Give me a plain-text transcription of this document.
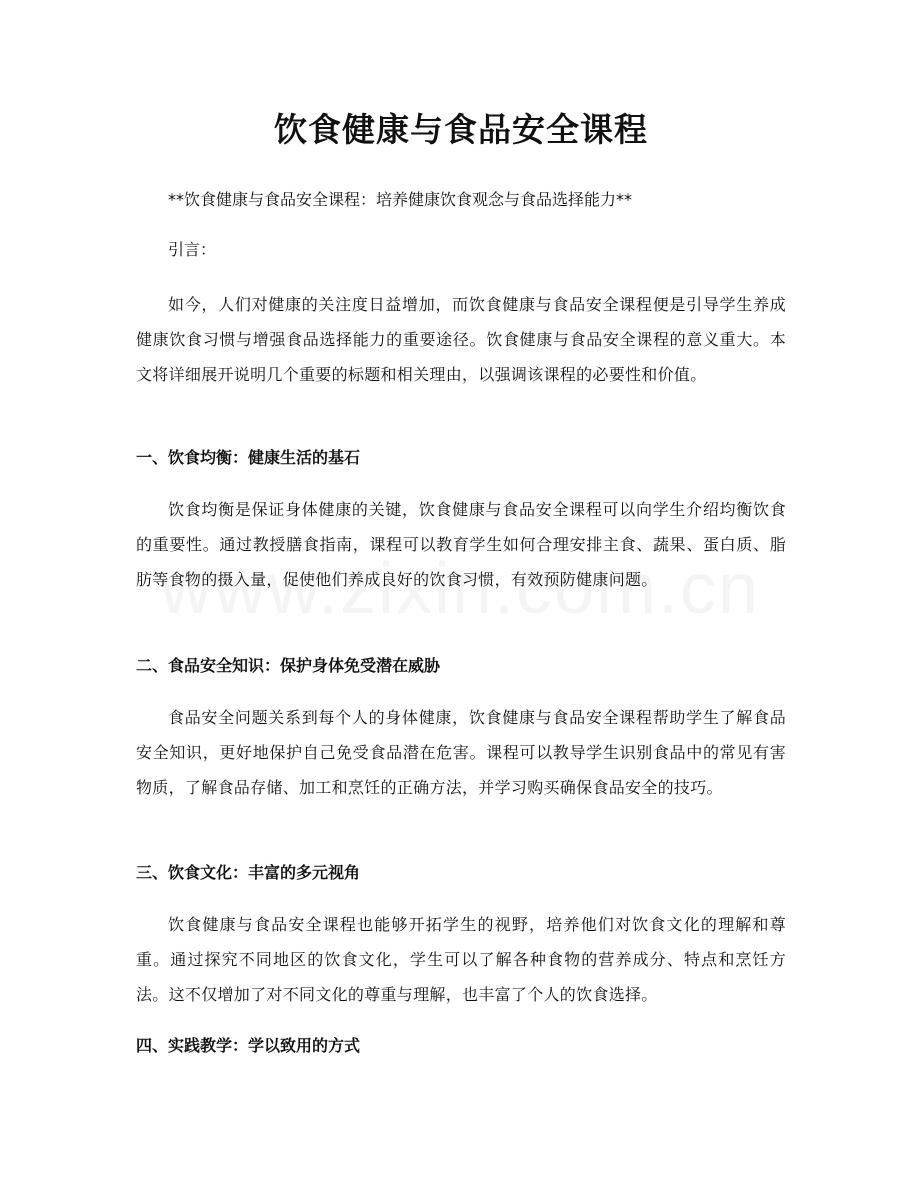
饮食健康与食品安全课程
**饮食健康与食品安全课程：培养健康饮食观念与食品选择能力**
引言：

如今，人们对健康的关注度日益增加，而饮食健康与食品安全课程便是引导学生养成健康饮食习惯与增强食品选择能力的重要途径。饮食健康与食品安全课程的意义重大。本文将详细展开说明几个重要的标题和相关理由，以强调该课程的必要性和价值。

一、饮食均衡：健康生活的基石

饮食均衡是保证身体健康的关键，饮食健康与食品安全课程可以向学生介绍均衡饮食的重要性。通过教授膳食指南，课程可以教育学生如何合理安排主食、蔬果、蛋白质、脂肪等食物的摄入量，促使他们养成良好的饮食习惯，有效预防健康问题。

二、食品安全知识：保护身体免受潜在威胁

食品安全问题关系到每个人的身体健康，饮食健康与食品安全课程帮助学生了解食品安全知识，更好地保护自己免受食品潜在危害。课程可以教导学生识别食品中的常见有害物质，了解食品存储、加工和烹饪的正确方法，并学习购买确保食品安全的技巧。

三、饮食文化：丰富的多元视角

饮食健康与食品安全课程也能够开拓学生的视野，培养他们对饮食文化的理解和尊重。通过探究不同地区的饮食文化，学生可以了解各种食物的营养成分、特点和烹饪方法。这不仅增加了对不同文化的尊重与理解，也丰富了个人的饮食选择。

四、实践教学：学以致用的方式
